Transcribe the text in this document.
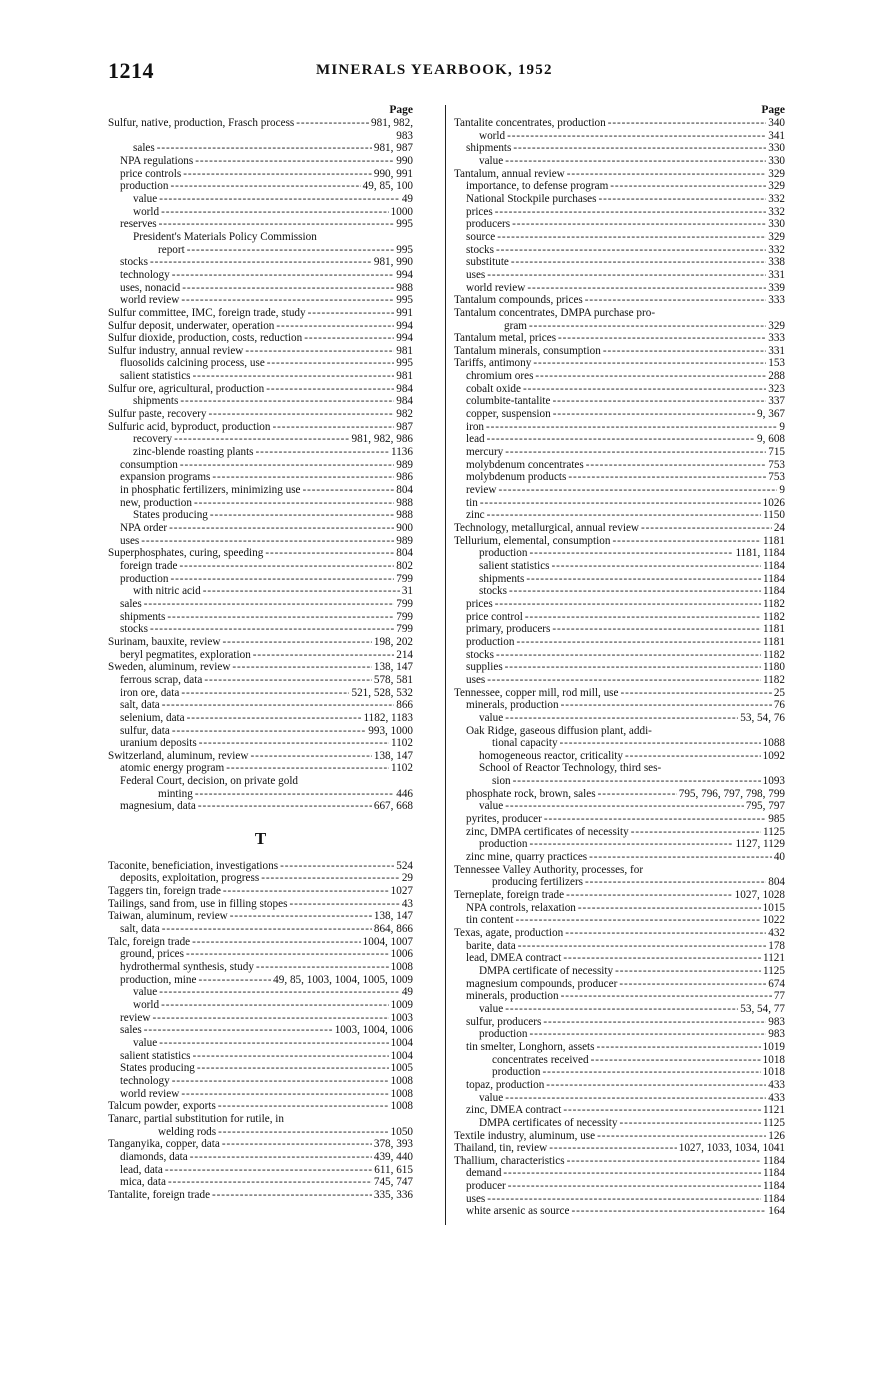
1214	MINERALS YEARBOOK, 1952
Page
Sulfur, native, production, Frasch process -----	981, 982,
983
sales -----	981, 987
NPA regulations -----	990
price controls -----	990, 991
production -----	49, 85, 100
value -----	49
world -----	1000
reserves -----	995
President's Materials Policy Commission
report -----	995
stocks -----	981, 990
technology -----	994
uses, nonacid -----	988
world review -----	995
Sulfur committee, IMC, foreign trade, study -----	991
Sulfur deposit, underwater, operation -----	994
Sulfur dioxide, production, costs, reduction -----	994
Sulfur industry, annual review -----	981
fluosolids calcining process, use -----	995
salient statistics -----	981
Sulfur ore, agricultural, production -----	984
shipments -----	984
Sulfur paste, recovery -----	982
Sulfuric acid, byproduct, production -----	987
recovery -----	981, 982, 986
zinc-blende roasting plants -----	1136
consumption -----	989
expansion programs -----	986
in phosphatic fertilizers, minimizing use -----	804
new, production -----	988
States producing -----	988
NPA order -----	900
uses -----	989
Superphosphates, curing, speeding -----	804
foreign trade -----	802
production -----	799
with nitric acid -----	31
sales -----	799
shipments -----	799
stocks -----	799
Surinam, bauxite, review -----	198, 202
beryl pegmatites, exploration -----	214
Sweden, aluminum, review -----	138, 147
ferrous scrap, data -----	578, 581
iron ore, data -----	521, 528, 532
salt, data -----	866
selenium, data -----	1182, 1183
sulfur, data -----	993, 1000
uranium deposits -----	1102
Switzerland, aluminum, review -----	138, 147
atomic energy program -----	1102
Federal Court, decision, on private gold
minting -----	446
magnesium, data -----	667, 668
T
Taconite, beneficiation, investigations -----	524
deposits, exploitation, progress -----	29
Taggers tin, foreign trade -----	1027
Tailings, sand from, use in filling stopes -----	43
Taiwan, aluminum, review -----	138, 147
salt, data -----	864, 866
Talc, foreign trade -----	1004, 1007
ground, prices -----	1006
hydrothermal synthesis, study -----	1008
production, mine -----	49, 85, 1003, 1004, 1005, 1009
value -----	49
world -----	1009
review -----	1003
sales -----	1003, 1004, 1006
value -----	1004
salient statistics -----	1004
States producing -----	1005
technology -----	1008
world review -----	1008
Talcum powder, exports -----	1008
Tanarc, partial substitution for rutile, in
welding rods -----	1050
Tanganyika, copper, data -----	378, 393
diamonds, data -----	439, 440
lead, data -----	611, 615
mica, data -----	745, 747
Tantalite, foreign trade -----	335, 336
Page
Tantalite concentrates, production -----	340
world -----	341
shipments -----	330
value -----	330
Tantalum, annual review -----	329
importance, to defense program -----	329
National Stockpile purchases -----	332
prices -----	332
producers -----	330
source -----	329
stocks -----	332
substitute -----	338
uses -----	331
world review -----	339
Tantalum compounds, prices -----	333
Tantalum concentrates, DMPA purchase pro-
gram -----	329
Tantalum metal, prices -----	333
Tantalum minerals, consumption -----	331
Tariffs, antimony -----	153
chromium ores -----	288
cobalt oxide -----	323
columbite-tantalite -----	337
copper, suspension -----	9, 367
iron -----	9
lead -----	9, 608
mercury -----	715
molybdenum concentrates -----	753
molybdenum products -----	753
review -----	9
tin -----	1026
zinc -----	1150
Technology, metallurgical, annual review -----	24
Tellurium, elemental, consumption -----	1181
production -----	1181, 1184
salient statistics -----	1184
shipments -----	1184
stocks -----	1184
prices -----	1182
price control -----	1182
primary, producers -----	1181
production -----	1181
stocks -----	1182
supplies -----	1180
uses -----	1182
Tennessee, copper mill, rod mill, use -----	25
minerals, production -----	76
value -----	53, 54, 76
Oak Ridge, gaseous diffusion plant, addi-
tional capacity -----	1088
homogeneous reactor, criticality -----	1092
School of Reactor Technology, third ses-
sion -----	1093
phosphate rock, brown, sales -----	795, 796, 797, 798, 799
value -----	795, 797
pyrites, producer -----	985
zinc, DMPA certificates of necessity -----	1125
production -----	1127, 1129
zinc mine, quarry practices -----	40
Tennessee Valley Authority, processes, for
producing fertilizers -----	804
Terneplate, foreign trade -----	1027, 1028
NPA controls, relaxation -----	1015
tin content -----	1022
Texas, agate, production -----	432
barite, data -----	178
lead, DMEA contract -----	1121
DMPA certificate of necessity -----	1125
magnesium compounds, producer -----	674
minerals, production -----	77
value -----	53, 54, 77
sulfur, producers -----	983
production -----	983
tin smelter, Longhorn, assets -----	1019
concentrates received -----	1018
production -----	1018
topaz, production -----	433
value -----	433
zinc, DMEA contract -----	1121
DMPA certificates of necessity -----	1125
Textile industry, aluminum, use -----	126
Thailand, tin, review -----	1027, 1033, 1034, 1041
Thallium, characteristics -----	1184
demand -----	1184
producer -----	1184
uses -----	1184
white arsenic as source -----	164
